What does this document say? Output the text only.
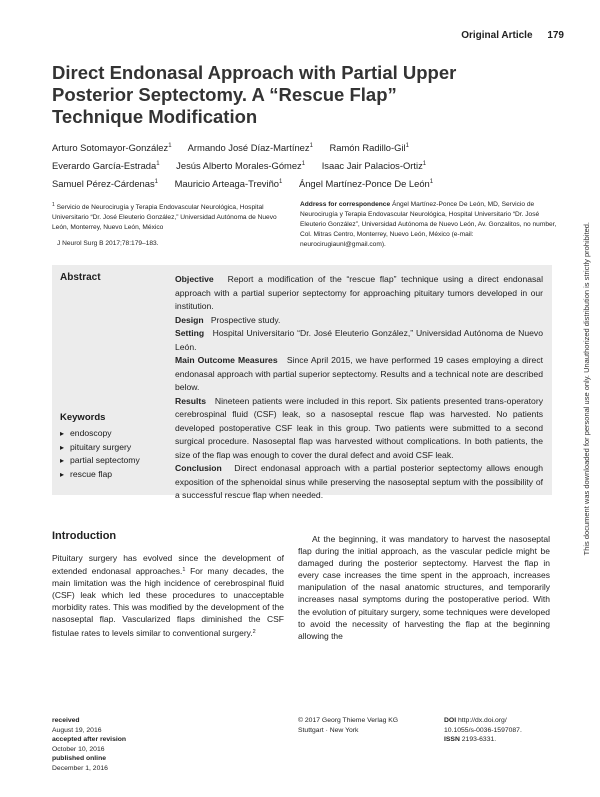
Original Article 179
Direct Endonasal Approach with Partial Upper Posterior Septectomy. A “Rescue Flap” Technique Modification
Arturo Sotomayor-González$^1$ Armando José Díaz-Martínez$^1$ Ramón Radillo-Gil$^1$
Everardo García-Estrada$^1$ Jesús Alberto Morales-Gómez$^1$ Isaac Jair Palacios-Ortiz$^1$
Samuel Pérez-Cárdenas$^1$ Mauricio Arteaga-Treviño$^1$ Ángel Martínez-Ponce De León$^1$
$^1$ Servicio de Neurocirugía y Terapia Endovascular Neurológica, Hospital Universitario “Dr. José Eleuterio González,” Universidad Autónoma de Nuevo León, Monterrey, Nuevo León, México
J Neurol Surg B 2017;78:179–183.
Address for correspondence Ángel Martínez-Ponce De León, MD, Servicio de Neurocirugía y Terapia Endovascular Neurológica, Hospital Universitario “Dr. José Eleuterio González”, Universidad Autónoma de Nuevo León, Av. Gonzalitos, no number, Col. Mitras Centro, Monterrey, Nuevo León, México (e-mail: neurocirugiaunl@gmail.com).	This document was downloaded for personal use only. Unauthorized distribution is strictly prohibited.
Abstract	Objective Report a modification of the “rescue flap” technique using a direct endonasal approach with a partial superior septectomy for approaching pituitary tumors developed in our institution.

Design Prospective study.

Setting Hospital Universitario “Dr. José Eleuterio González,” Universidad Autónoma de Nuevo León.

Main Outcome Measures Since April 2015, we have performed 19 cases employing a direct endonasal approach with partial superior septectomy. Results and a technical note are described below.

Results Nineteen patients were included in this report. Six patients presented trans-operatory cerebrospinal fluid (CSF) leak, so a nasoseptal rescue flap was harvested. No patients developed postoperative CSF leak in this group. Two patients were submitted to a second surgical procedure. Nasoseptal flap was harvested without complications. In both patients, the size of the flap was enough to cover the dural defect and avoid CSF leak.

Conclusion Direct endonasal approach with a partial posterior septectomy allows enough exposition of the sphenoidal sinus while preserving the nasoseptal septum with the possibility of a successful rescue flap when needed.

Keywords
▸ endoscopy
▸ pituitary surgery
▸ partial septectomy
▸ rescue flap
Introduction
Pituitary surgery has evolved since the development of extended endonasal approaches.$^1$ For many decades, the main limitation was the high incidence of cerebrospinal fluid (CSF) leak which led these procedures to unacceptable morbidity rates. This was modified by the development of the nasoseptal flap. Vascularized flaps diminished the CSF fistulae rates to levels similar to conventional surgery.$^2$
At the beginning, it was mandatory to harvest the nasoseptal flap during the initial approach, as the vascular pedicle might be damaged during the posterior septectomy. Harvest the flap in every case increases the time spent in the approach, increases manipulation of the nasal anatomic structures, and temporarily increases nasal symptoms during the postoperative period. With the evolution of pituitary surgery, some techniques were developed to avoid the necessity of harvesting the flap at the beginning allowing the
received
August 19, 2016
accepted after revision
October 10, 2016
published online
December 1, 2016
© 2017 Georg Thieme Verlag KG
Stuttgart · New York
DOI http://dx.doi.org/
10.1055/s-0036-1597087.
ISSN 2193-6331.
